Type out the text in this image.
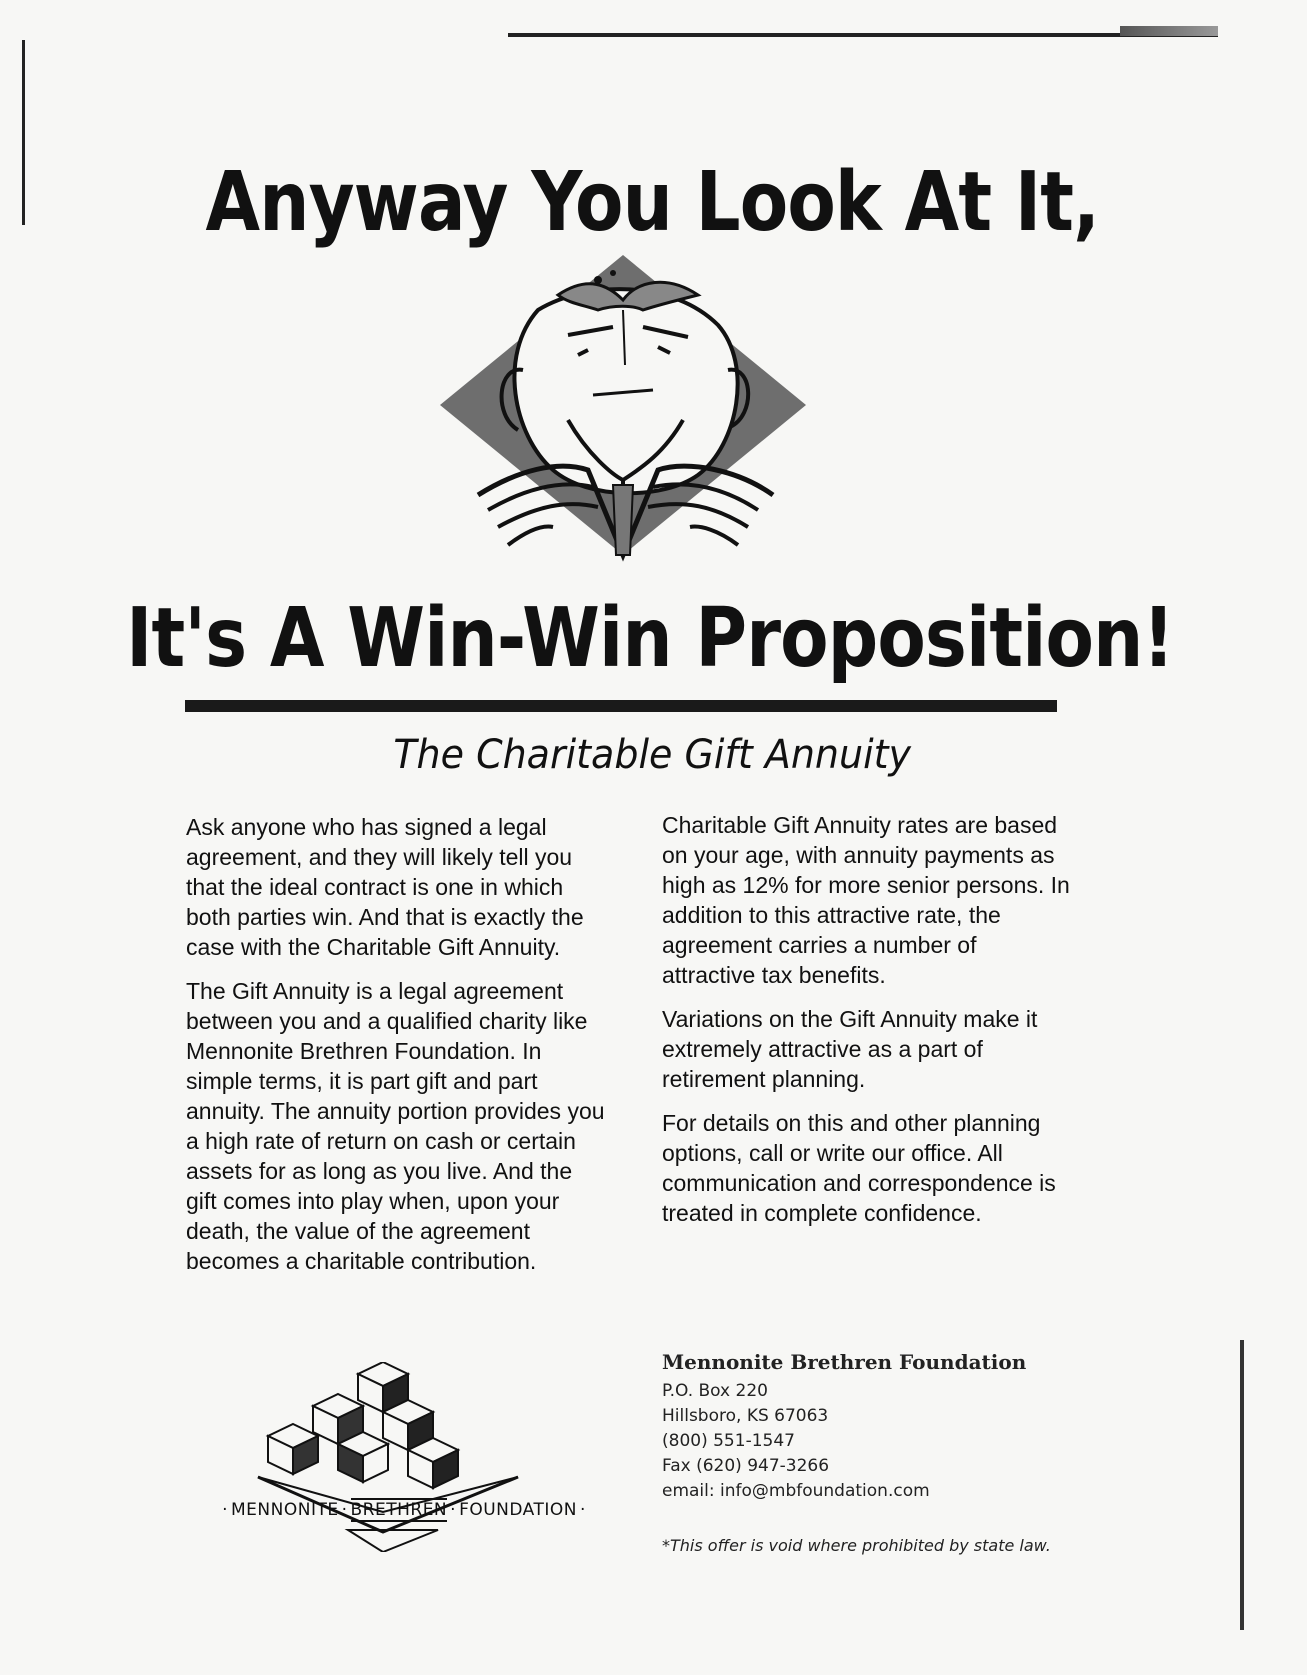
Anyway You Look At It,
It's A Win-Win Proposition!
The Charitable Gift Annuity

Ask anyone who has signed a legal agreement, and they will likely tell you that the ideal contract is one in which both parties win. And that is exactly the case with the Charitable Gift Annuity.

The Gift Annuity is a legal agreement between you and a qualified charity like Mennonite Brethren Foundation. In simple terms, it is part gift and part annuity. The annuity portion provides you a high rate of return on cash or certain assets for as long as you live. And the gift comes into play when, upon your death, the value of the agreement becomes a charitable contribution.

Charitable Gift Annuity rates are based on your age, with annuity payments as high as 12% for more senior persons. In addition to this attractive rate, the agreement carries a number of attractive tax benefits.

Variations on the Gift Annuity make it extremely attractive as a part of retirement planning.

For details on this and other planning options, call or write our office. All communication and correspondence is treated in complete confidence.

· MENNONITE · BRETHREN · FOUNDATION ·
Mennonite Brethren Foundation
P.O. Box 220
Hillsboro, KS 67063
(800) 551-1547
Fax (620) 947-3266
email: info@mbfoundation.com
*This offer is void where prohibited by state law.
